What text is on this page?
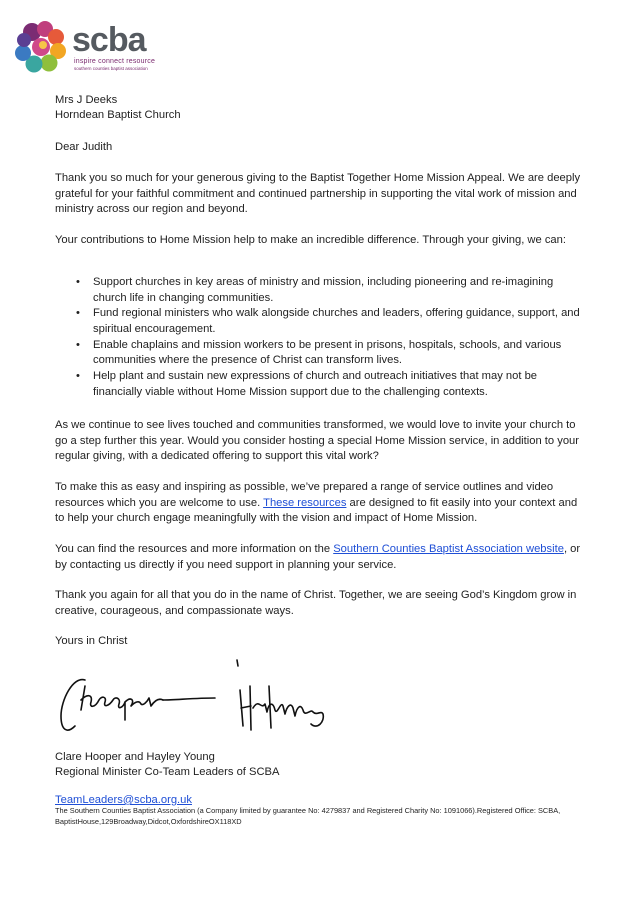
scba
inspire connect resource
southern counties baptist association
Mrs J Deeks
Horndean Baptist Church
Dear Judith
Thank you so much for your generous giving to the Baptist Together Home Mission Appeal. We are deeply grateful for your faithful commitment and continued partnership in supporting the vital work of mission and ministry across our region and beyond.
Your contributions to Home Mission help to make an incredible difference. Through your giving, we can:
• Support churches in key areas of ministry and mission, including pioneering and re-imagining church life in changing communities.
• Fund regional ministers who walk alongside churches and leaders, offering guidance, support, and spiritual encouragement.
• Enable chaplains and mission workers to be present in prisons, hospitals, schools, and various communities where the presence of Christ can transform lives.
• Help plant and sustain new expressions of church and outreach initiatives that may not be financially viable without Home Mission support due to the challenging contexts.
As we continue to see lives touched and communities transformed, we would love to invite your church to go a step further this year. Would you consider hosting a special Home Mission service, in addition to your regular giving, with a dedicated offering to support this vital work?
To make this as easy and inspiring as possible, we’ve prepared a range of service outlines and video resources which you are welcome to use. These resources are designed to fit easily into your context and to help your church engage meaningfully with the vision and impact of Home Mission.
You can find the resources and more information on the Southern Counties Baptist Association website, or by contacting us directly if you need support in planning your service.
Thank you again for all that you do in the name of Christ. Together, we are seeing God’s Kingdom grow in creative, courageous, and compassionate ways.
Yours in Christ
Clare Hooper and Hayley Young
Regional Minister Co-Team Leaders of SCBA
TeamLeaders@scba.org.uk
The Southern Counties Baptist Association (a Company limited by guarantee No: 4279837 and Registered Charity No: 1091066).Registered Office: SCBA, BaptistHouse,129Broadway,Didcot,OxfordshireOX118XD
